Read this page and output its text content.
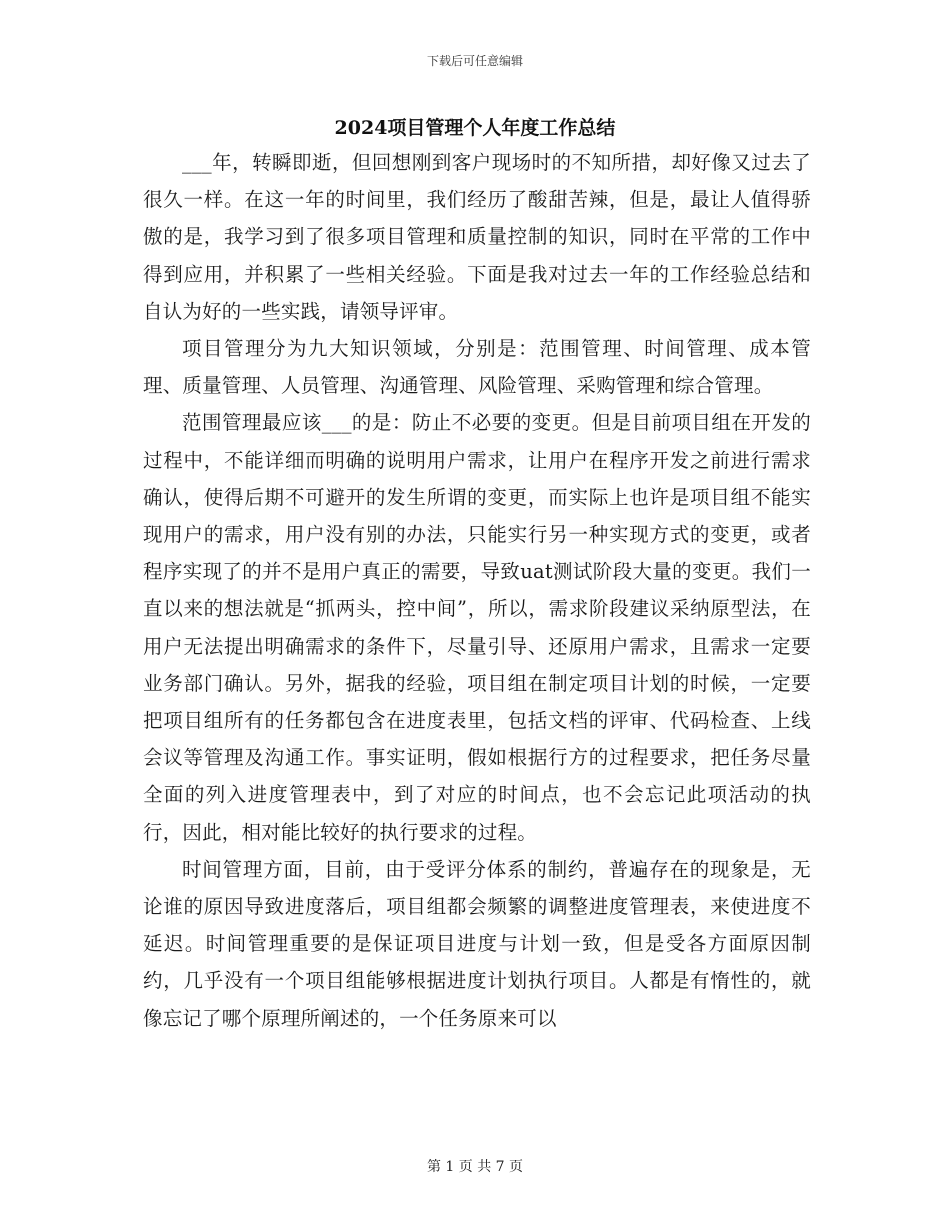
下载后可任意编辑
2024项目管理个人年度工作总结

___年，转瞬即逝，但回想刚到客户现场时的不知所措，却好像又过去了很久一样。在这一年的时间里，我们经历了酸甜苦辣，但是，最让人值得骄傲的是，我学习到了很多项目管理和质量控制的知识，同时在平常的工作中得到应用，并积累了一些相关经验。下面是我对过去一年的工作经验总结和自认为好的一些实践，请领导评审。

项目管理分为九大知识领域，分别是：范围管理、时间管理、成本管理、质量管理、人员管理、沟通管理、风险管理、采购管理和综合管理。

范围管理最应该___的是：防止不必要的变更。但是目前项目组在开发的过程中，不能详细而明确的说明用户需求，让用户在程序开发之前进行需求确认，使得后期不可避开的发生所谓的变更，而实际上也许是项目组不能实现用户的需求，用户没有别的办法，只能实行另一种实现方式的变更，或者程序实现了的并不是用户真正的需要，导致uat测试阶段大量的变更。我们一直以来的想法就是“抓两头，控中间”，所以，需求阶段建议采纳原型法，在用户无法提出明确需求的条件下，尽量引导、还原用户需求，且需求一定要业务部门确认。另外，据我的经验，项目组在制定项目计划的时候，一定要把项目组所有的任务都包含在进度表里，包括文档的评审、代码检查、上线会议等管理及沟通工作。事实证明，假如根据行方的过程要求，把任务尽量全面的列入进度管理表中，到了对应的时间点，也不会忘记此项活动的执行，因此，相对能比较好的执行要求的过程。

时间管理方面，目前，由于受评分体系的制约，普遍存在的现象是，无论谁的原因导致进度落后，项目组都会频繁的调整进度管理表，来使进度不延迟。时间管理重要的是保证项目进度与计划一致，但是受各方面原因制约，几乎没有一个项目组能够根据进度计划执行项目。人都是有惰性的，就像忘记了哪个原理所阐述的，一个任务原来可以

第 1 页 共 7 页
